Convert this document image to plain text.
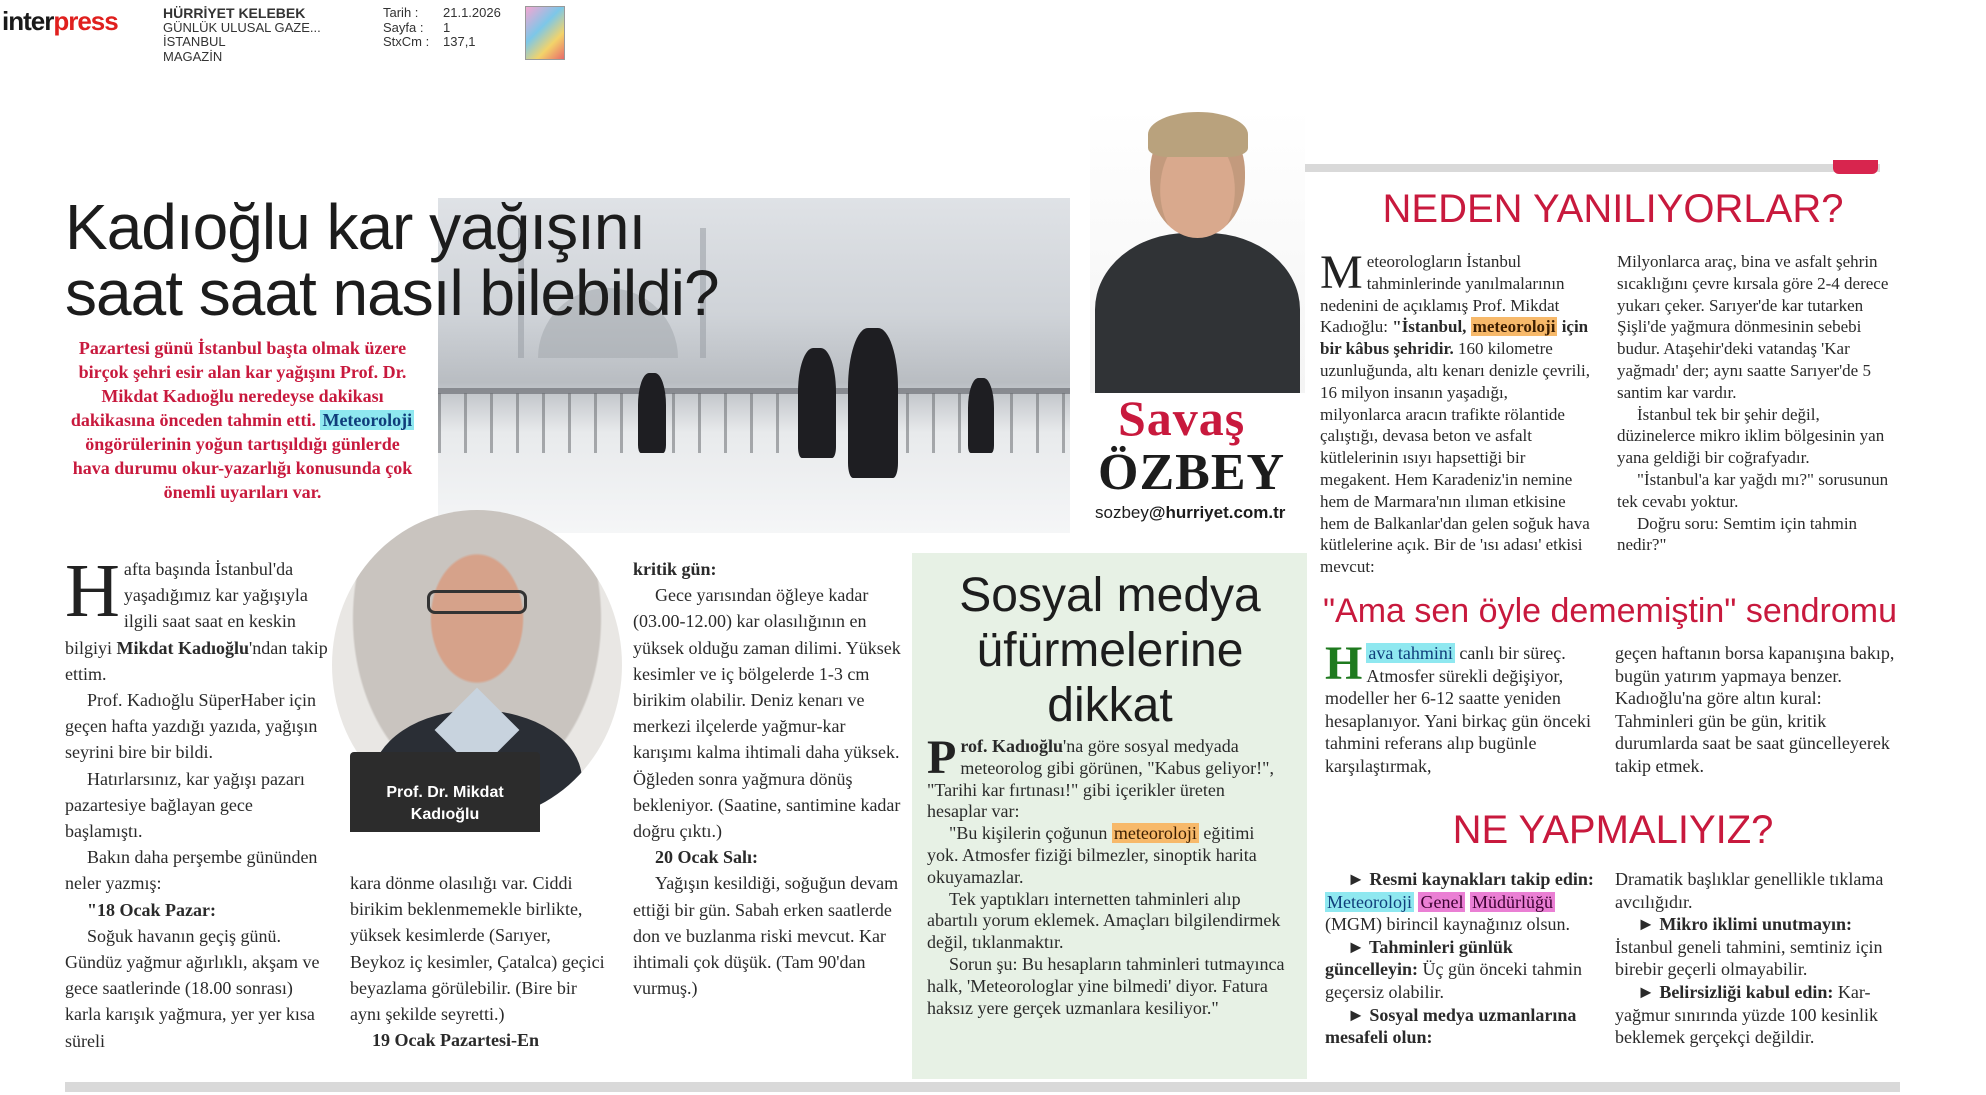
interpress	HÜRRİYET KELEBEK
GÜNLÜK ULUSAL GAZE...
İSTANBUL
MAGAZİN
Tarih : 21.1.2026
Sayfa : 1
StxCm : 137,1
Kadıoğlu kar yağışını
saat saat nasıl bilebildi?
Pazartesi günü İstanbul başta olmak üzere birçok şehri esir alan kar yağışını Prof. Dr. Mikdat Kadıoğlu neredeyse dakikası dakikasına önceden tahmin etti. Meteoroloji öngörülerinin yoğun tartışıldığı günlerde hava durumu okur-yazarlığı konusunda çok önemli uyarıları var.
Prof. Dr. Mikdat
Kadıoğlu

Hafta başında İstanbul'da yaşadığımız kar yağışıyla ilgili saat saat en keskin bilgiyi Mikdat Kadıoğlu'ndan takip ettim.

Prof. Kadıoğlu SüperHaber için geçen hafta yazdığı yazıda, yağışın seyrini bire bir bildi.

Hatırlarsınız, kar yağışı pazarı pazartesiye bağlayan gece başlamıştı.

Bakın daha perşembe gününden neler yazmış:

"18 Ocak Pazar:

Soğuk havanın geçiş günü. Gündüz yağmur ağırlıklı, akşam ve gece saatlerinde (18.00 sonrası) karla karışık yağmura, yer yer kısa süreli

kara dönme olasılığı var. Ciddi birikim beklenmemekle birlikte, yüksek kesimlerde (Sarıyer, Beykoz iç kesimler, Çatalca) geçici beyazlama görülebilir. (Bire bir aynı şekilde seyretti.)

19 Ocak Pazartesi-En

kritik gün:

Gece yarısından öğleye kadar (03.00-12.00) kar olasılığının en yüksek olduğu zaman dilimi. Yüksek kesimler ve iç bölgelerde 1-3 cm birikim olabilir. Deniz kenarı ve merkezi ilçelerde yağmur-kar karışımı kalma ihtimali daha yüksek. Öğleden sonra yağmura dönüş bekleniyor. (Saatine, santimine kadar doğru çıktı.)

20 Ocak Salı:

Yağışın kesildiği, soğuğun devam ettiği bir gün. Sabah erken saatlerde don ve buzlanma riski mevcut. Kar ihtimali çok düşük. (Tam 90'dan vurmuş.)

Savaş
ÖZBEY
sozbey@hurriyet.com.tr
Sosyal medya üfürmelerine dikkat

Prof. Kadıoğlu'na göre sosyal medyada meteorolog gibi görünen, "Kabus geliyor!", "Tarihi kar fırtınası!" gibi içerikler üreten hesaplar var:

"Bu kişilerin çoğunun meteoroloji eğitimi yok. Atmosfer fiziği bilmezler, sinoptik harita okuyamazlar.

Tek yaptıkları internetten tahminleri alıp abartılı yorum eklemek. Amaçları bilgilendirmek değil, tıklanmaktır.

Sorun şu: Bu hesapların tahminleri tutmayınca halk, 'Meteorologlar yine bilmedi' diyor. Fatura haksız yere gerçek uzmanlara kesiliyor."

NEDEN YANILIYORLAR?
Meteorologların İstanbul tahminlerinde yanılmalarının nedenini de açıklamış Prof. Mikdat Kadıoğlu: "İstanbul, meteoroloji için bir kâbus şehridir. 160 kilometre uzunluğunda, altı kenarı denizle çevrili, 16 milyon insanın yaşadığı, milyonlarca aracın trafikte rölantide çalıştığı, devasa beton ve asfalt kütlelerinin ısıyı hapsettiği bir megakent. Hem Karadeniz'in nemine hem de Marmara'nın ılıman etkisine hem de Balkanlar'dan gelen soğuk hava kütlelerine açık. Bir de 'ısı adası' etkisi mevcut:

Milyonlarca araç, bina ve asfalt şehrin sıcaklığını çevre kırsala göre 2-4 derece yukarı çeker. Sarıyer'de kar tutarken Şişli'de yağmura dönmesinin sebebi budur. Ataşehir'deki vatandaş 'Kar yağmadı' der; aynı saatte Sarıyer'de 5 santim kar vardır.

İstanbul tek bir şehir değil, düzinelerce mikro iklim bölgesinin yan yana geldiği bir coğrafyadır.

"İstanbul'a kar yağdı mı?" sorusunun tek cevabı yoktur.

Doğru soru: Semtim için tahmin nedir?"

"Ama sen öyle dememiştin" sendromu
Hava tahmini canlı bir süreç. Atmosfer sürekli değişiyor, modeller her 6-12 saatte yeniden hesaplanıyor. Yani birkaç gün önceki tahmini referans alıp bugünle karşılaştırmak,
geçen haftanın borsa kapanışına bakıp, bugün yatırım yapmaya benzer. Kadıoğlu'na göre altın kural: Tahminleri gün be gün, kritik durumlarda saat be saat güncelleyerek takip etmek.
NE YAPMALIYIZ?
► Resmi kaynakları takip edin: Meteoroloji Genel Müdürlüğü (MGM) birincil kaynağınız olsun.
► Tahminleri günlük güncelleyin: Üç gün önceki tahmin geçersiz olabilir.
► Sosyal medya uzmanlarına mesafeli olun:
Dramatik başlıklar genellikle tıklama avcılığıdır.
► Mikro iklimi unutmayın: İstanbul geneli tahmini, semtiniz için birebir geçerli olmayabilir.
► Belirsizliği kabul edin: Kar-yağmur sınırında yüzde 100 kesinlik beklemek gerçekçi değildir.
